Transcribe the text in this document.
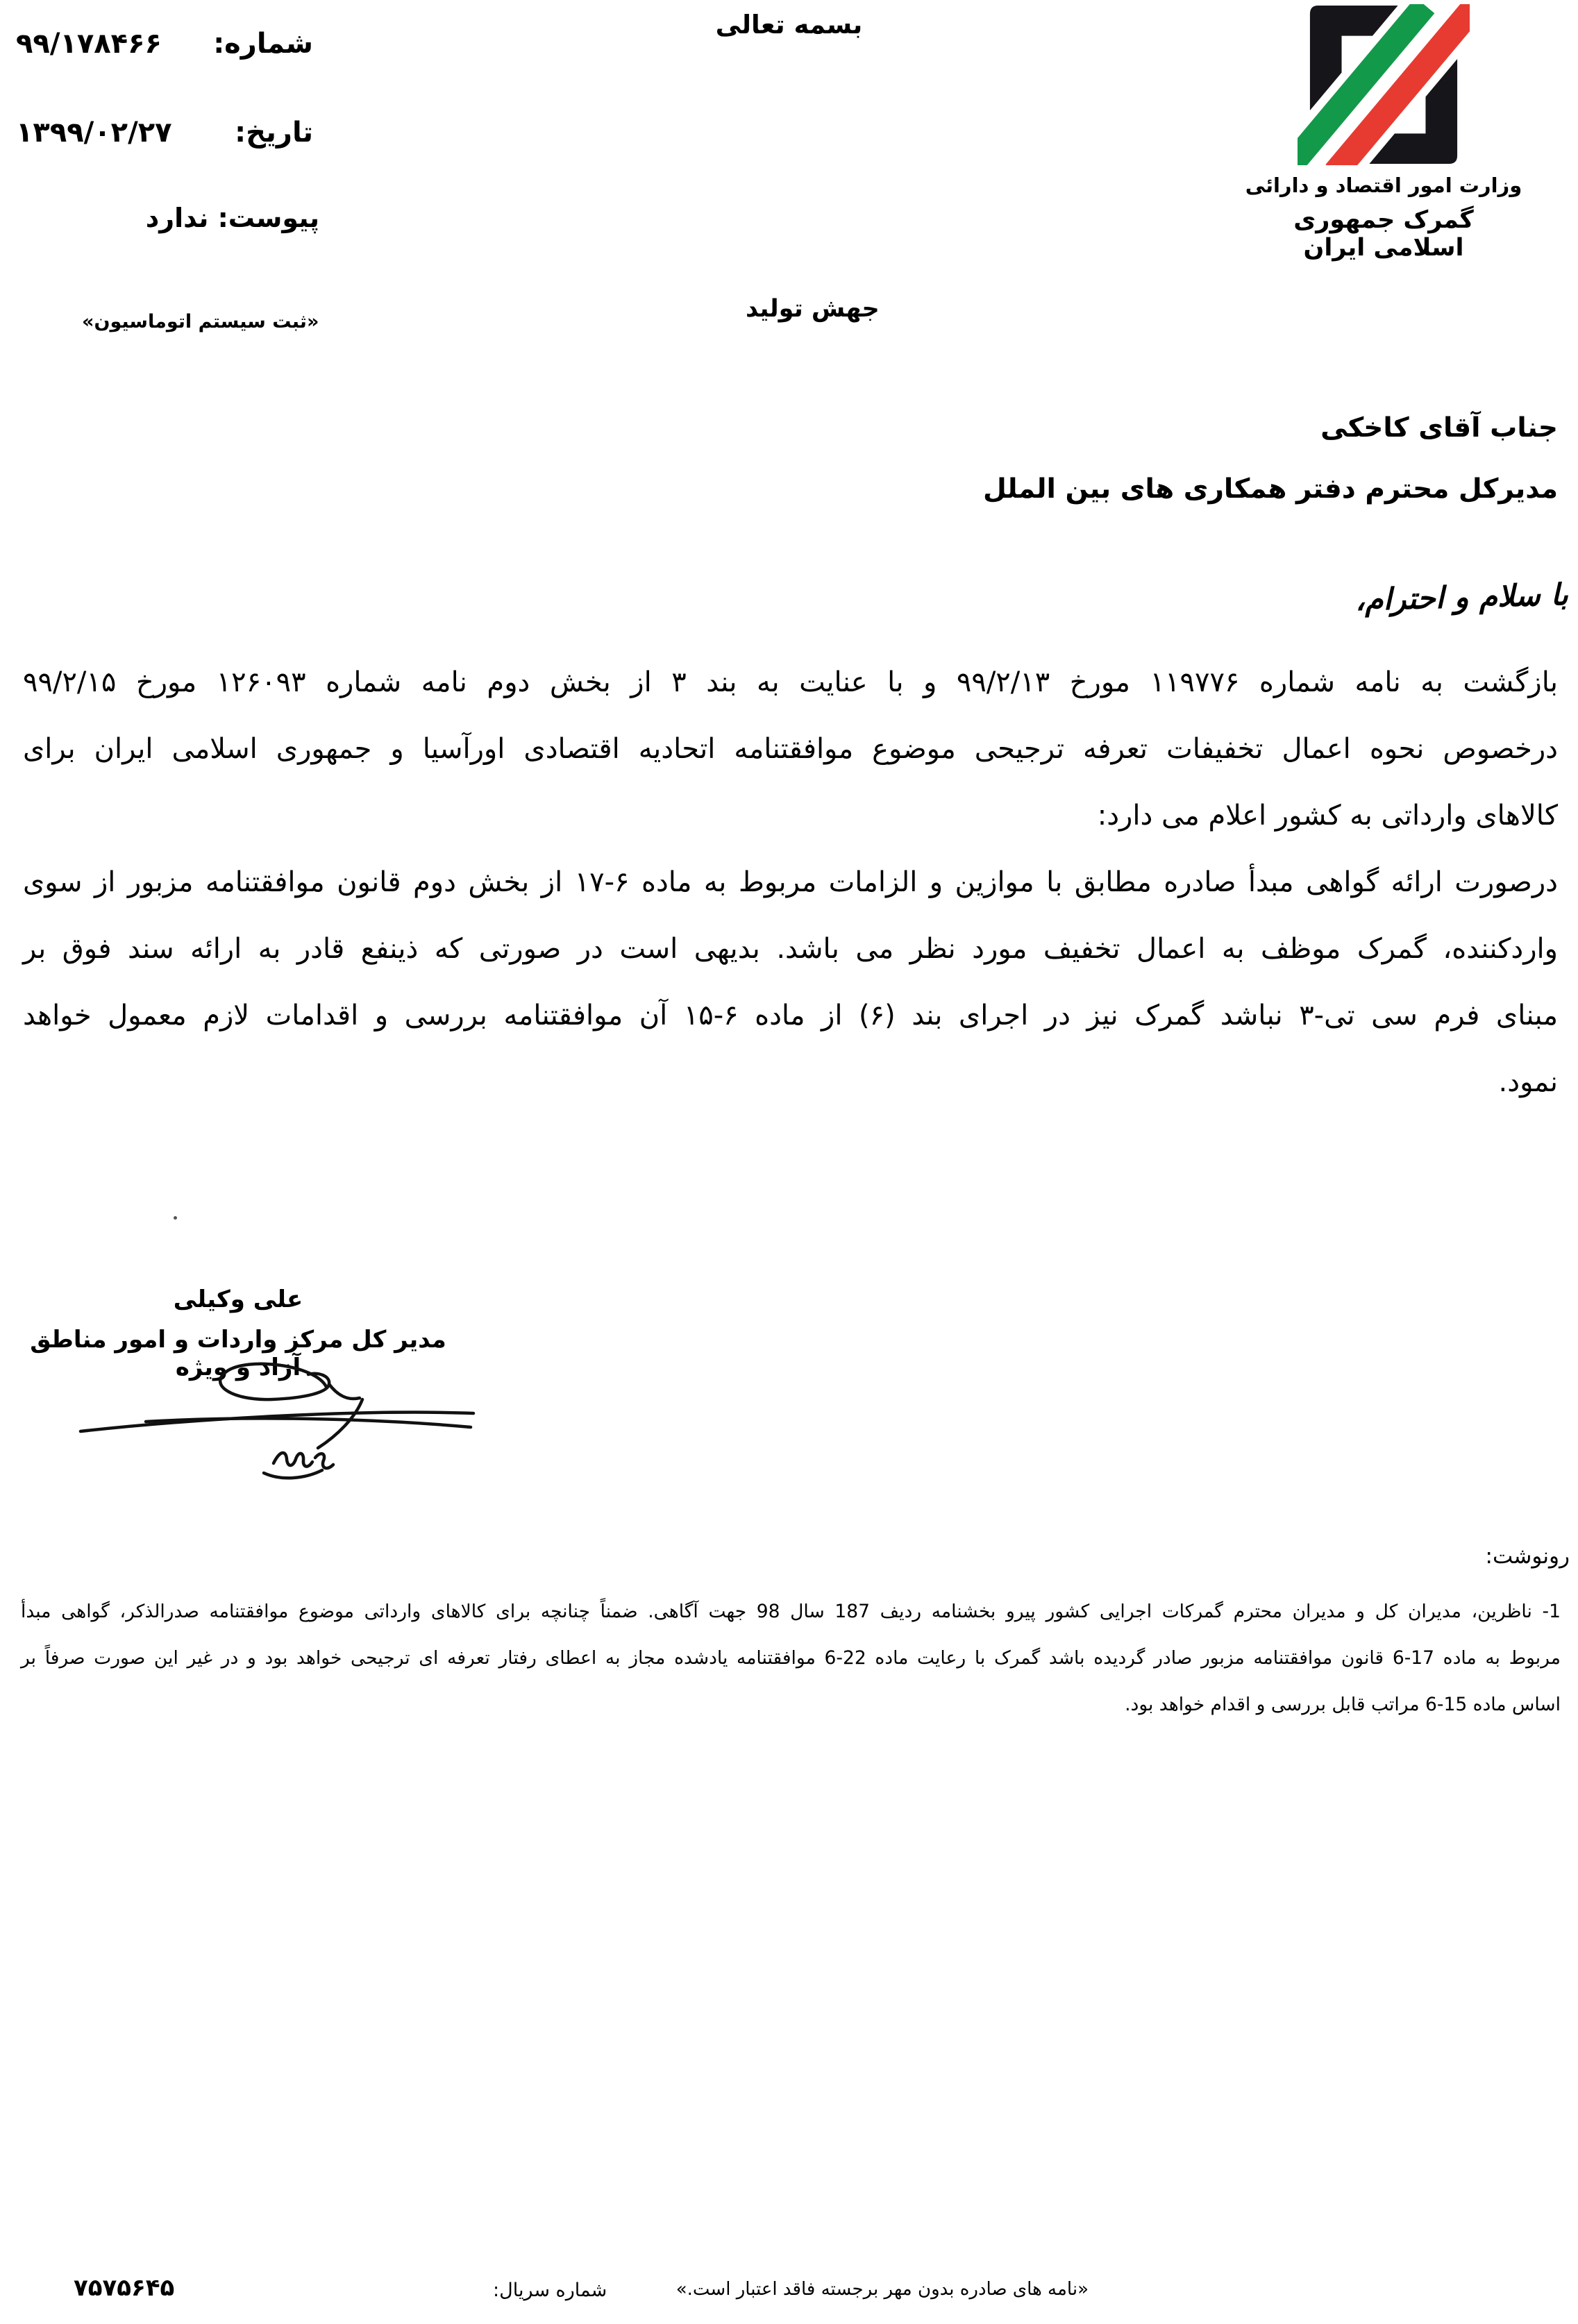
شماره:
۹۹/۱۷۸۴۶۶
تاریخ:
۱۳۹۹/۰۲/۲۷
پیوست: ندارد
«ثبت سیستم اتوماسیون»
بسمه تعالی
جهش تولید
وزارت امور اقتصاد و دارائی
گمرک جمهوری اسلامی ایران
جناب آقای کاخکی
مدیرکل محترم دفتر همکاری های بین الملل
با سلام و احترام،
بازگشت به نامه شماره ۱۱۹۷۷۶ مورخ ۹۹/۲/۱۳ و با عنایت به بند ۳ از بخش دوم نامه شماره ۱۲۶۰۹۳ مورخ ۹۹/۲/۱۵
درخصوص نحوه اعمال تخفیفات تعرفه ترجیحی موضوع موافقتنامه اتحادیه اقتصادی اورآسیا و جمهوری اسلامی ایران برای
کالاهای وارداتی به کشور اعلام می دارد:
درصورت ارائه گواهی مبدأ صادره مطابق با موازین و الزامات مربوط به ماده ۶-۱۷ از بخش دوم قانون موافقتنامه مزبور از سوی
واردکننده، گمرک موظف به اعمال تخفیف مورد نظر می باشد. بدیهی است در صورتی که ذینفع قادر به ارائه سند فوق بر
مبنای فرم سی تی-۳ نباشد گمرک نیز در اجرای بند (۶) از ماده ۶-۱۵ آن موافقتنامه بررسی و اقدامات لازم معمول خواهد
نمود.
علی وکیلی
مدیر کل مرکز واردات و امور مناطق آزاد و ویژه
رونوشت:
1- ناظرین، مدیران کل و مدیران محترم گمرکات اجرایی کشور پیرو بخشنامه ردیف 187 سال 98 جهت آگاهی. ضمناً چنانچه برای کالاهای وارداتی موضوع موافقتنامه صدرالذکر، گواهی مبدأ
مربوط به ماده 17-6 قانون موافقتنامه مزبور صادر گردیده باشد گمرک با رعایت ماده 22-6 موافقتنامه یادشده مجاز به اعطای رفتار تعرفه ای ترجیحی خواهد بود و در غیر این صورت صرفاً بر
اساس ماده 15-6 مراتب قابل بررسی و اقدام خواهد بود.
«نامه های صادره بدون مهر برجسته فاقد اعتبار است.»
شماره سریال:
۷۵۷۵۶۴۵
